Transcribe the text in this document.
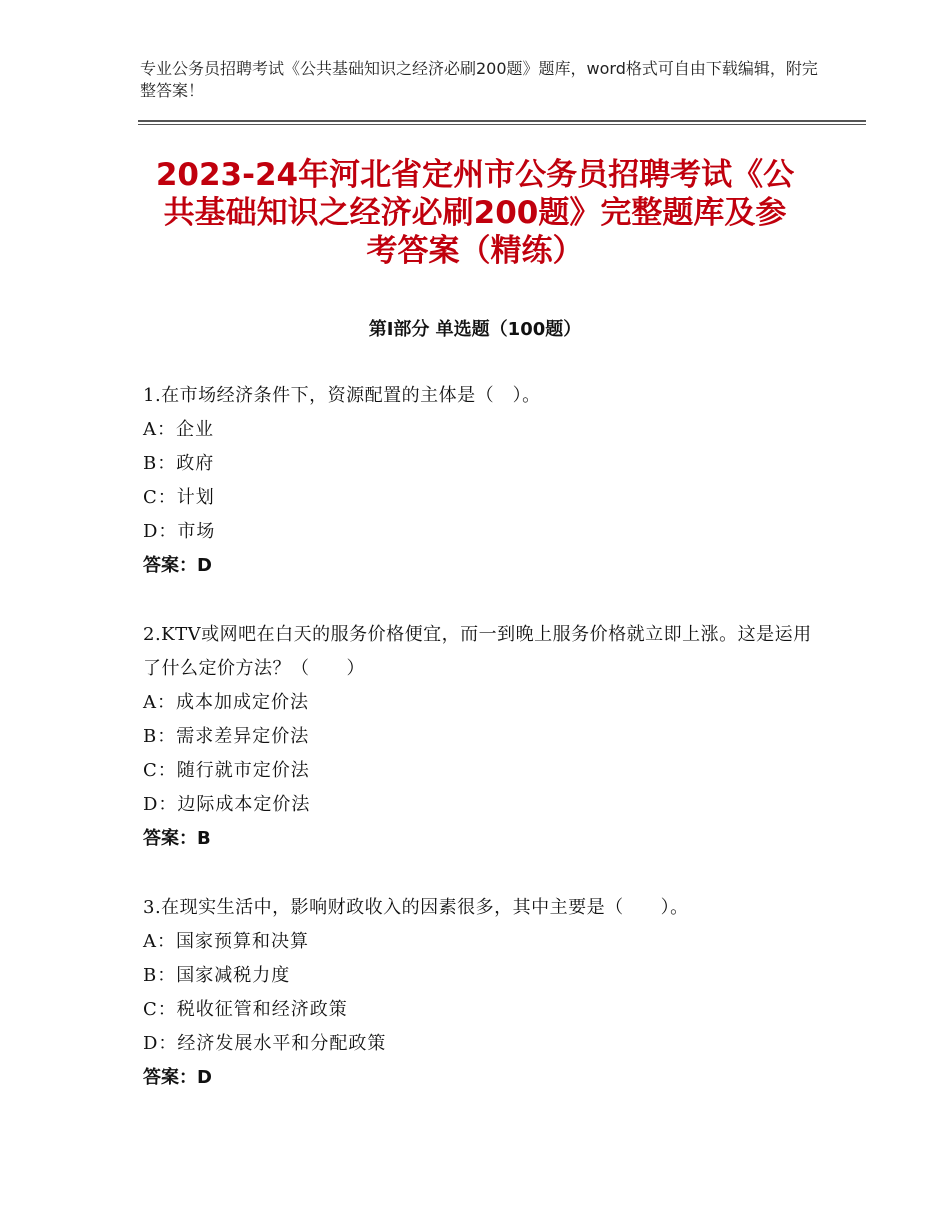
专业公务员招聘考试《公共基础知识之经济必刷200题》题库，word格式可自由下载编辑，附完整答案！
2023-24年河北省定州市公务员招聘考试《公共基础知识之经济必刷200题》完整题库及参考答案（精练）
第Ⅰ部分 单选题（100题）
1.在市场经济条件下，资源配置的主体是（　）。
A：企业
B：政府
C：计划
D：市场
答案：D
2.KTV或网吧在白天的服务价格便宜，而一到晚上服务价格就立即上涨。这是运用了什么定价方法？（　　）
A：成本加成定价法
B：需求差异定价法
C：随行就市定价法
D：边际成本定价法
答案：B
3.在现实生活中，影响财政收入的因素很多，其中主要是（　　）。
A：国家预算和决算
B：国家减税力度
C：税收征管和经济政策
D：经济发展水平和分配政策
答案：D
